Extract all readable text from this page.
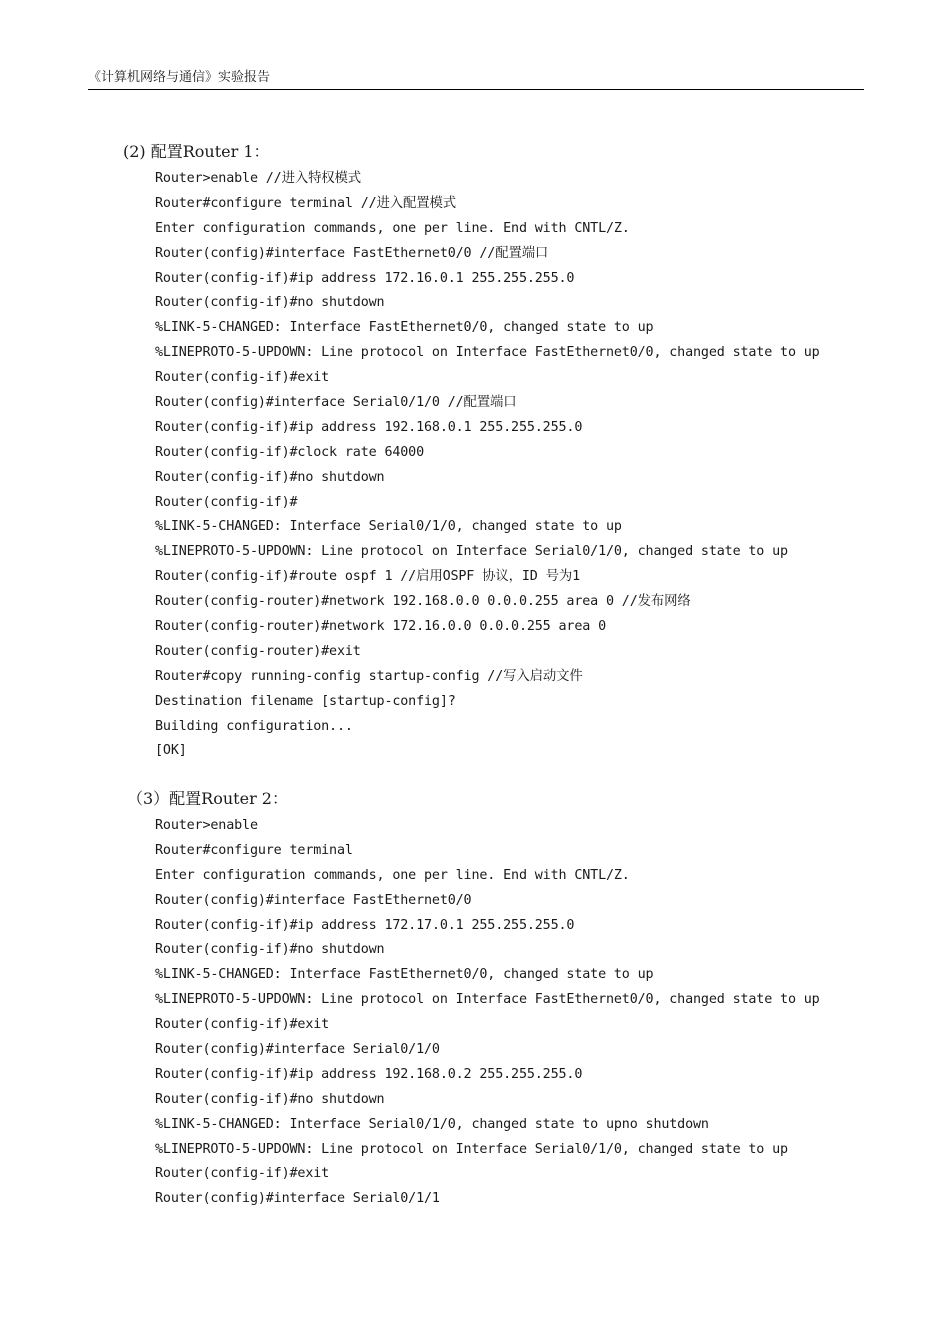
《计算机网络与通信》实验报告
(2) 配置Router 1：
Router>enable //进入特权模式
Router#configure terminal //进入配置模式
Enter configuration commands, one per line. End with CNTL/Z.
Router(config)#interface FastEthernet0/0 //配置端口
Router(config-if)#ip address 172.16.0.1 255.255.255.0
Router(config-if)#no shutdown
%LINK-5-CHANGED: Interface FastEthernet0/0, changed state to up
%LINEPROTO-5-UPDOWN: Line protocol on Interface FastEthernet0/0, changed state to up
Router(config-if)#exit
Router(config)#interface Serial0/1/0 //配置端口
Router(config-if)#ip address 192.168.0.1 255.255.255.0
Router(config-if)#clock rate 64000
Router(config-if)#no shutdown
Router(config-if)#
%LINK-5-CHANGED: Interface Serial0/1/0, changed state to up
%LINEPROTO-5-UPDOWN: Line protocol on Interface Serial0/1/0, changed state to up
Router(config-if)#route ospf 1 //启用OSPF 协议，ID 号为1
Router(config-router)#network 192.168.0.0 0.0.0.255 area 0 //发布网络
Router(config-router)#network 172.16.0.0 0.0.0.255 area 0
Router(config-router)#exit
Router#copy running-config startup-config //写入启动文件
Destination filename [startup-config]?
Building configuration...
[OK]
（3）配置Router 2：
Router>enable
Router#configure terminal
Enter configuration commands, one per line. End with CNTL/Z.
Router(config)#interface FastEthernet0/0
Router(config-if)#ip address 172.17.0.1 255.255.255.0
Router(config-if)#no shutdown
%LINK-5-CHANGED: Interface FastEthernet0/0, changed state to up
%LINEPROTO-5-UPDOWN: Line protocol on Interface FastEthernet0/0, changed state to up
Router(config-if)#exit
Router(config)#interface Serial0/1/0
Router(config-if)#ip address 192.168.0.2 255.255.255.0
Router(config-if)#no shutdown
%LINK-5-CHANGED: Interface Serial0/1/0, changed state to upno shutdown
%LINEPROTO-5-UPDOWN: Line protocol on Interface Serial0/1/0, changed state to up
Router(config-if)#exit
Router(config)#interface Serial0/1/1
